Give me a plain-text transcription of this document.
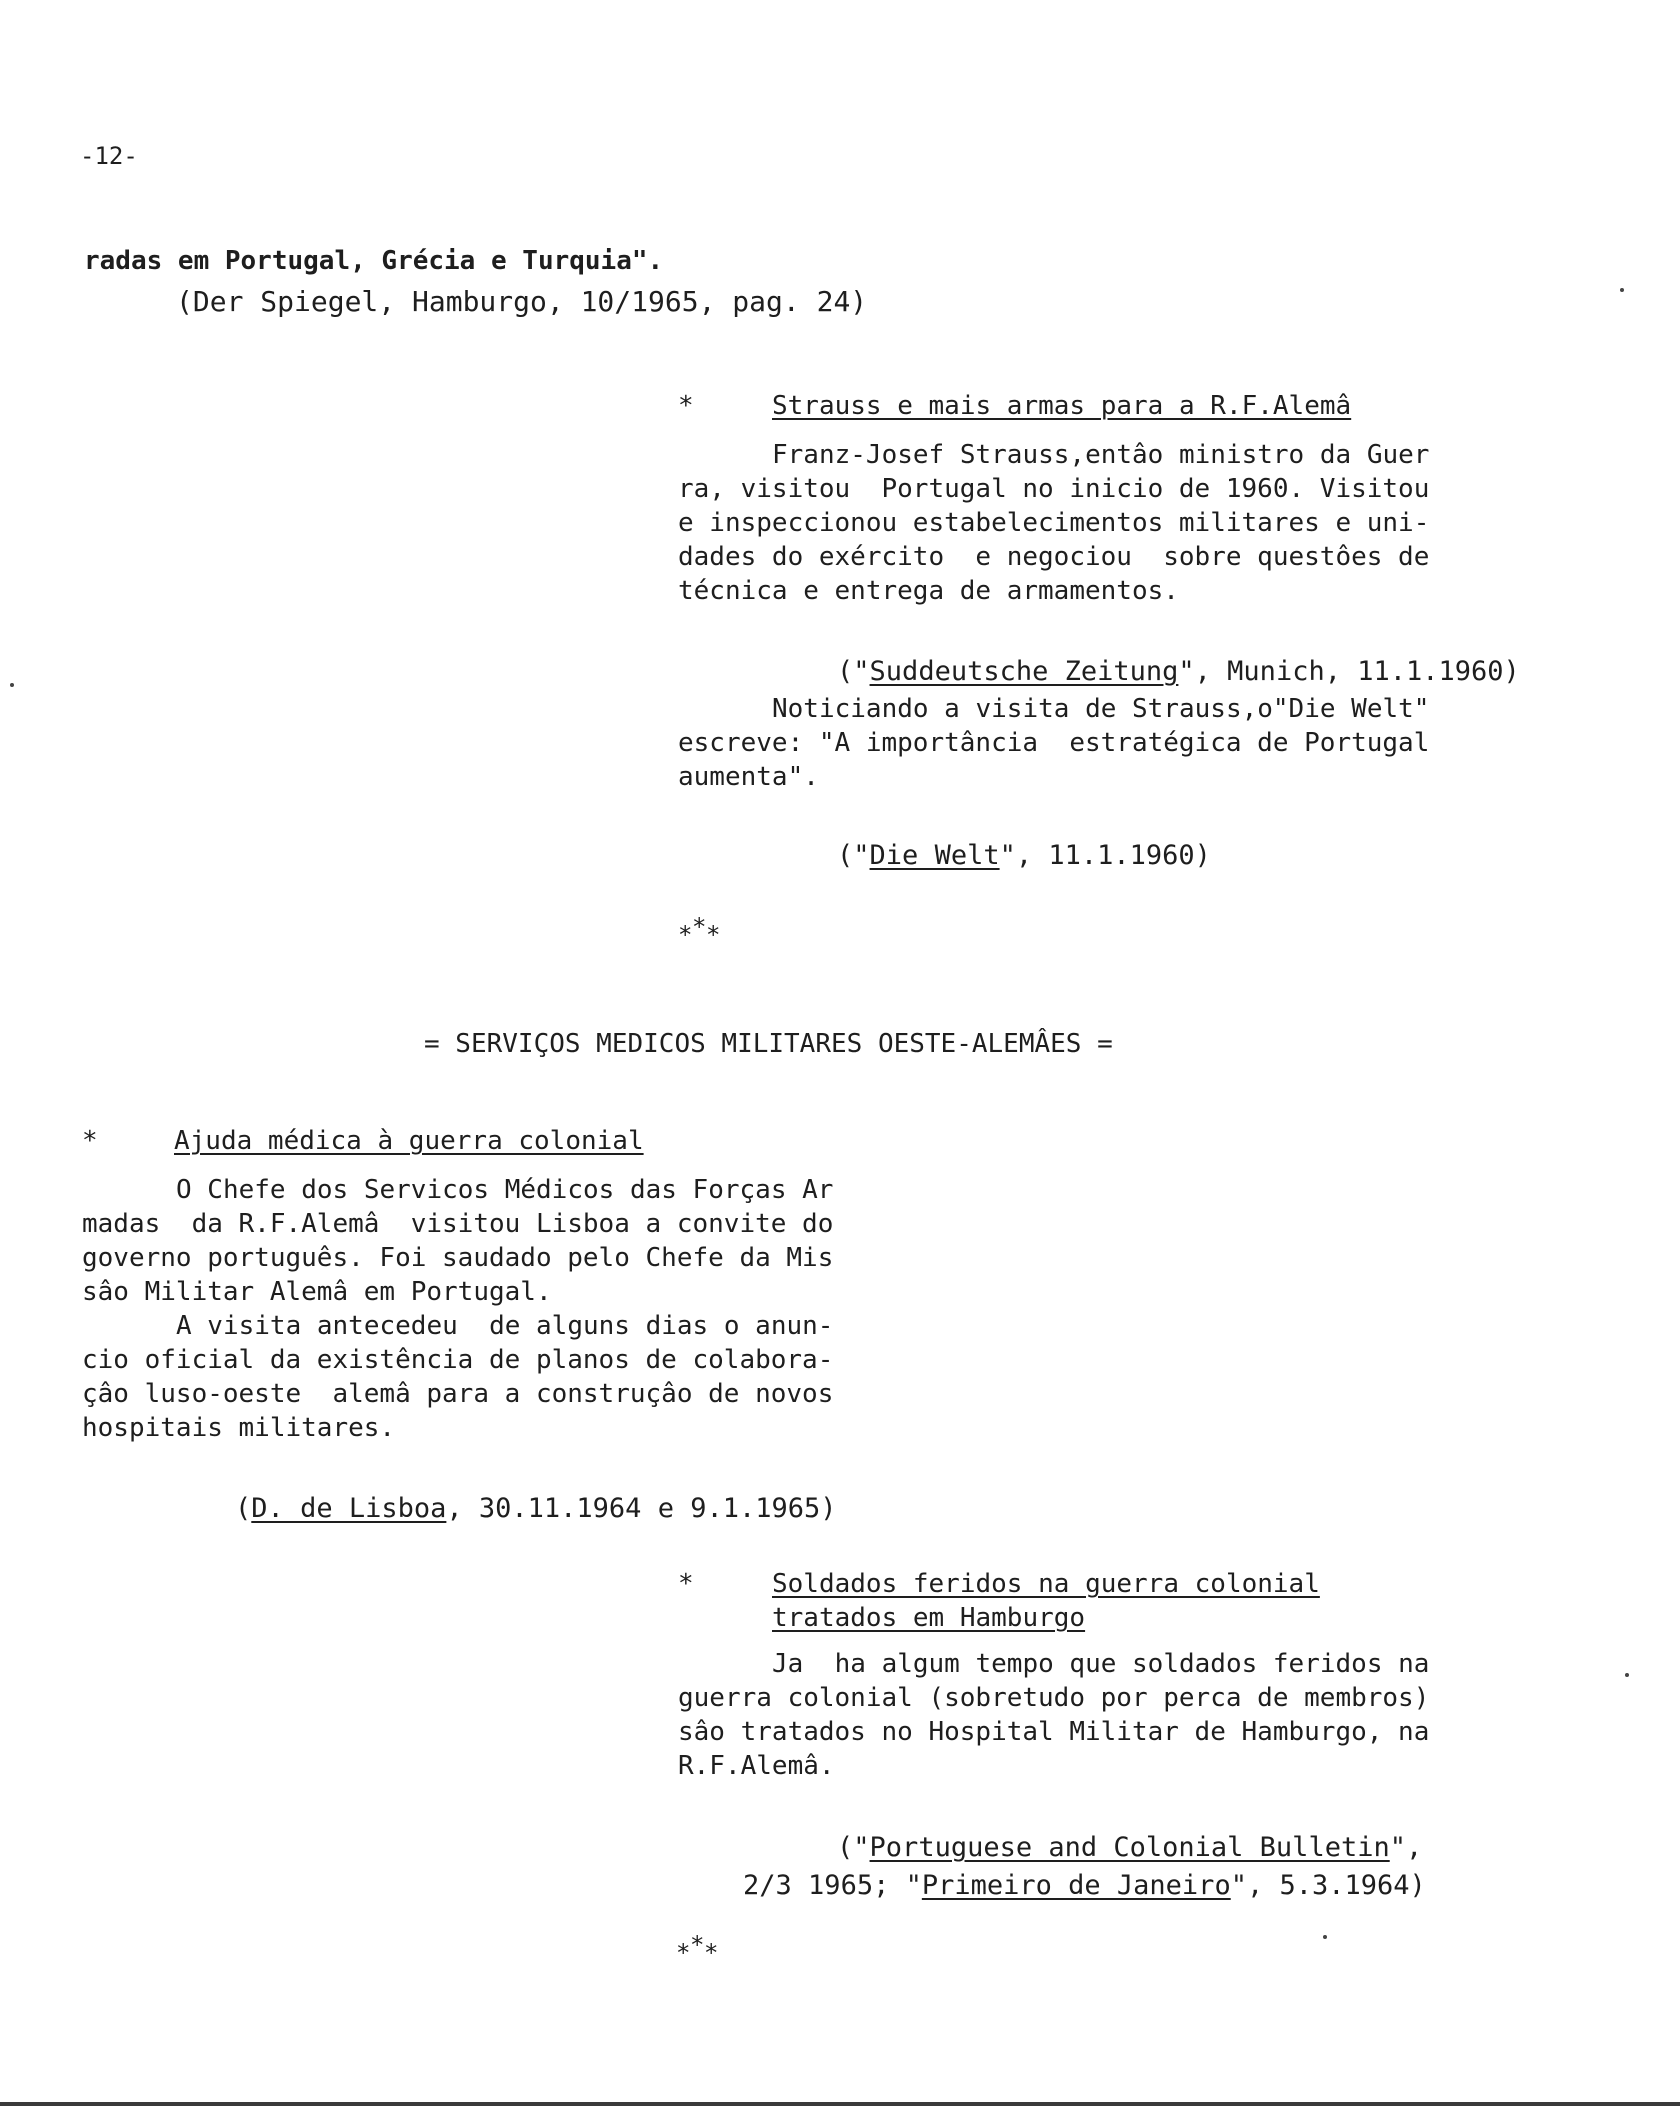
-12-
radas em Portugal, Grécia e Turquia".
(Der Spiegel, Hamburgo, 10/1965, pag. 24)
*	Strauss e mais armas para a R.F.Alemâ
Franz-Josef Strauss,entâo ministro da Guer
ra, visitou  Portugal no inicio de 1960. Visitou
e inspeccionou estabelecimentos militares e uni-
dades do exército  e negociou  sobre questôes de
técnica e entrega de armamentos.

("Suddeutsche Zeitung", Munich, 11.1.1960)

Noticiando a visita de Strauss,o"Die Welt"
escreve: "A importância  estratégica de Portugal
aumenta".

("Die Welt", 11.1.1960)

* * *
= SERVIÇOS MEDICOS MILITARES OESTE-ALEMÂES =
*	Ajuda médica à guerra colonial
O Chefe dos Servicos Médicos das Forças Ar
madas  da R.F.Alemâ  visitou Lisboa a convite do
governo português. Foi saudado pelo Chefe da Mis
sâo Militar Alemâ em Portugal.
A visita antecedeu  de alguns dias o anun-
cio oficial da existência de planos de colabora-
çâo luso-oeste  alemâ para a construçâo de novos
hospitais militares.

(D. de Lisboa, 30.11.1964 e 9.1.1965)

*	Soldados feridos na guerra colonial
tratados em Hamburgo
Ja  ha algum tempo que soldados feridos na
guerra colonial (sobretudo por perca de membros)
sâo tratados no Hospital Militar de Hamburgo, na
R.F.Alemâ.

("Portuguese and Colonial Bulletin",

2/3 1965; "Primeiro de Janeiro", 5.3.1964)

* * *
